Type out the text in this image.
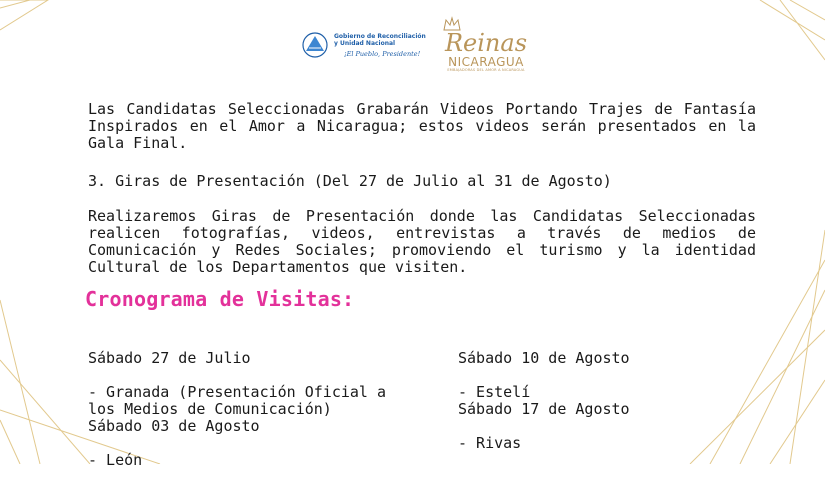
Gobierno de Reconciliación
y Unidad Nacional
¡El Pueblo, Presidente!	Reinas
NICARAGUA
EMBAJADORAS DEL AMOR A NICARAGUA
Las Candidatas Seleccionadas Grabarán Videos Portando Trajes de Fantasía Inspirados en el Amor a Nicaragua; estos videos serán presentados en la Gala Final.
3. Giras de Presentación (Del 27 de Julio al 31 de Agosto)
Realizaremos Giras de Presentación donde las Candidatas Seleccionadas realicen fotografías, videos, entrevistas a través de medios de Comunicación y Redes Sociales; promoviendo el turismo y la identidad Cultural de los Departamentos que visiten.
Cronograma de Visitas:

Sábado 27 de Julio

- Granada (Presentación Oficial a
los Medios de Comunicación)

Sábado 03 de Agosto

- León

Sábado 10 de Agosto

- Estelí

Sábado 17 de Agosto

- Rivas
